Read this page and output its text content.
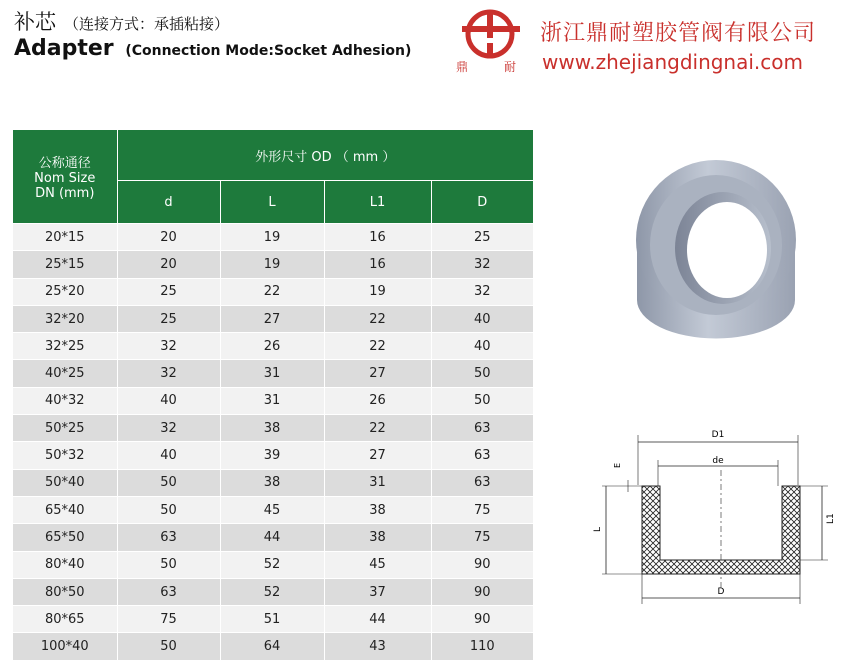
补芯 （连接方式：承插粘接）
Adapter (Connection Mode:Socket Adhesion)
鼎	耐
浙江鼎耐塑胶管阀有限公司
www.zhejiangdingnai.com
公称通径
Nom Size
DN (mm)	外形尺寸 OD （ mm ）			
	d	L	L1	D
20*15	20	19	16	25
25*15	20	19	16	32
25*20	25	22	19	32
32*20	25	27	22	40
32*25	32	26	22	40
40*25	32	31	27	50
40*32	40	31	26	50
50*25	32	38	22	63
50*32	40	39	27	63
50*40	50	38	31	63
65*40	50	45	38	75
65*50	63	44	38	75
80*40	50	52	45	90
80*50	63	52	37	90
80*65	75	51	44	90
100*40	50	64	43	110
D1
de
E
L
L1
D
